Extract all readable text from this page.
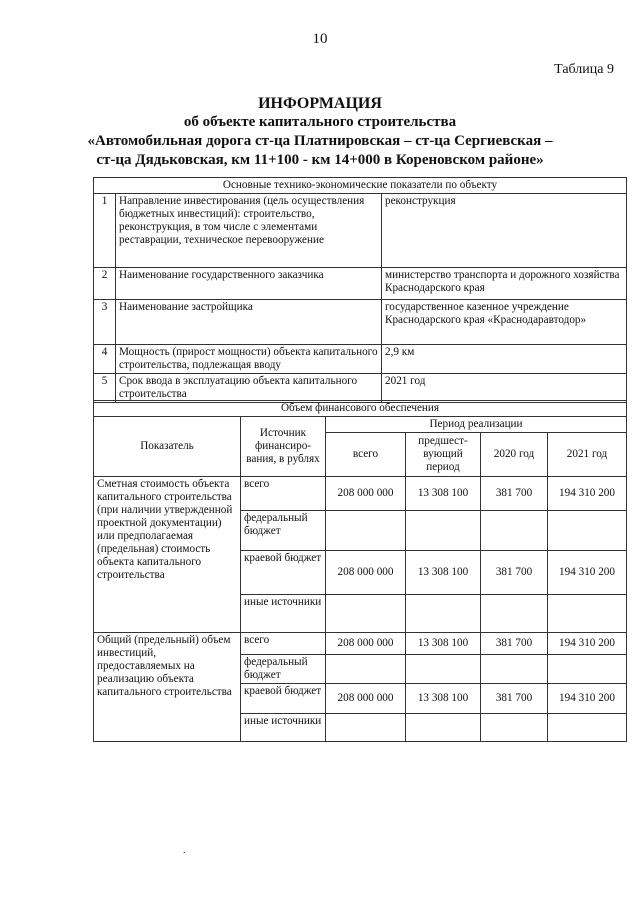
10
Таблица 9
ИНФОРМАЦИЯ
об объекте капитального строительства
«Автомобильная дорога ст-ца Платнировская – ст-ца Сергиевская –
ст-ца Дядьковская, км 11+100 - км 14+000 в Кореновском районе»
Основные технико-экономические показатели по объекту		
1	Направление инвестирования (цель осуществления бюджетных инвестиций): строительство, реконструкция, в том числе с элементами реставрации, техническое перевооружение	реконструкция
2	Наименование государственного заказчика	министерство транспорта и дорожного хозяйства Краснодарского края
3	Наименование застройщика	государственное казенное учреждение Краснодарского края «Краснодаравтодор»
4	Мощность (прирост мощности) объекта капитального строительства, подлежащая вводу	2,9 км
5	Срок ввода в эксплуатацию объекта капитального строительства	2021 год
Объем финансового обеспечения					
Показатель	Источник финансиро-вания, в рублях	Период реализации			
		всего	предшест-вующий период	2020 год	2021 год
Сметная стоимость объекта капитального строительства (при наличии утвержденной проектной документации) или предполагаемая (предельная) стоимость объекта капитального строительства	всего	208 000 000	13 308 100	381 700	194 310 200
	федеральный бюджет				
	краевой бюджет	208 000 000	13 308 100	381 700	194 310 200
	иные источники				
Общий (предельный) объем инвестиций, предоставляемых на реализацию объекта капитального строительства	всего	208 000 000	13 308 100	381 700	194 310 200
	федеральный бюджет				
	краевой бюджет	208 000 000	13 308 100	381 700	194 310 200
	иные источники				
.
